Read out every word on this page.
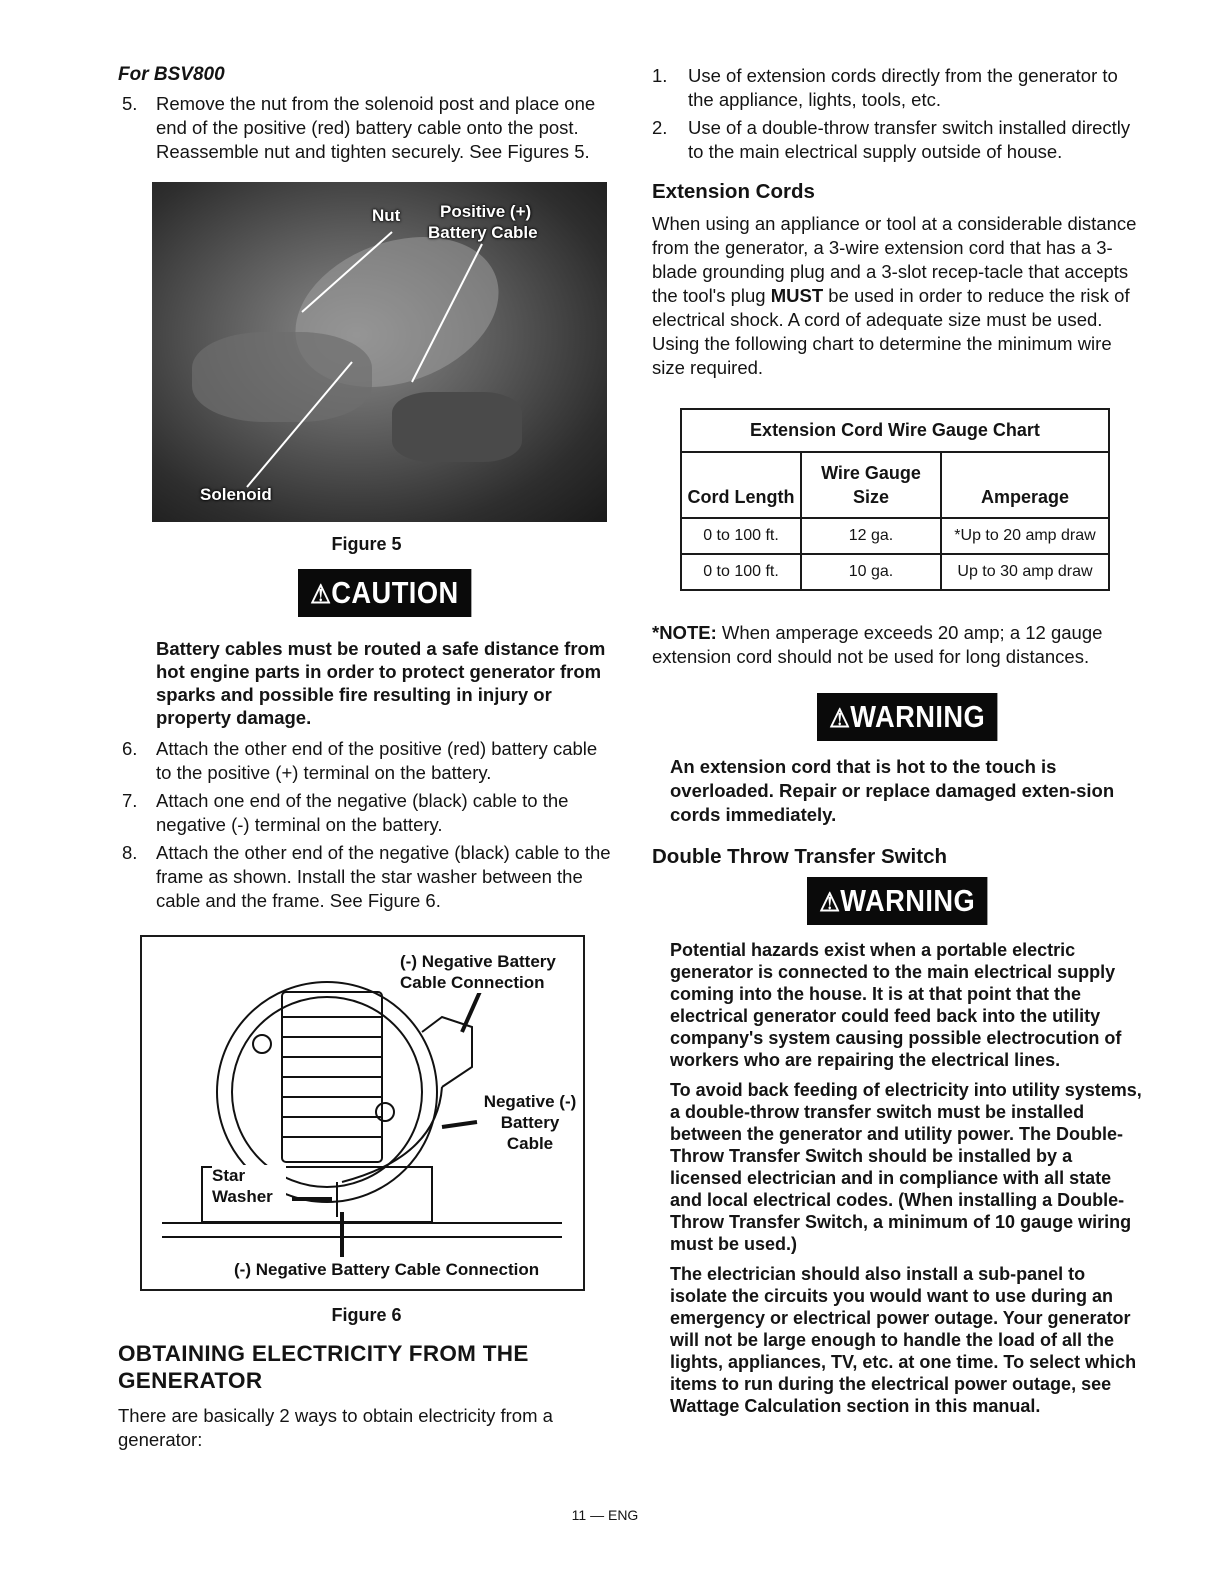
For BSV800

5. Remove the nut from the solenoid post and place one end of the positive (red) battery cable onto the post. Reassemble nut and tighten securely. See Figures 5.
Nut Positive (+)
Battery Cable
Solenoid

Figure 5

⚠CAUTION

Battery cables must be routed a safe distance from hot engine parts in order to protect generator from sparks and possible fire resulting in injury or property damage.

6. Attach the other end of the positive (red) battery cable to the positive (+) terminal on the battery.
7. Attach one end of the negative (black) cable to the negative (-) terminal on the battery.
8. Attach the other end of the negative (black) cable to the frame as shown. Install the star washer between the cable and the frame. See Figure 6.
(-) Negative Battery Cable Connection
Negative (-) Battery Cable
Star Washer
(-) Negative Battery Cable Connection

Figure 6

OBTAINING ELECTRICITY FROM THE GENERATOR

There are basically 2 ways to obtain electricity from a generator:

1. Use of extension cords directly from the generator to the appliance, lights, tools, etc.
2. Use of a double-throw transfer switch installed directly to the main electrical supply outside of house.
Extension Cords

When using an appliance or tool at a considerable distance from the generator, a 3-wire extension cord that has a 3-blade grounding plug and a 3-slot recep-tacle that accepts the tool's plug MUST be used in order to reduce the risk of electrical shock. A cord of adequate size must be used. Using the following chart to determine the minimum wire size required.

Extension Cord Wire Gauge Chart		
Cord Length	Wire Gauge Size	Amperage
0 to 100 ft.	12 ga.	*Up to 20 amp draw
0 to 100 ft.	10 ga.	Up to 30 amp draw

*NOTE: When amperage exceeds 20 amp; a 12 gauge extension cord should not be used for long distances.

⚠WARNING

An extension cord that is hot to the touch is overloaded. Repair or replace damaged exten-sion cords immediately.

Double Throw Transfer Switch
⚠WARNING

Potential hazards exist when a portable electric generator is connected to the main electrical supply coming into the house. It is at that point that the electrical generator could feed back into the utility company's system causing possible electrocution of workers who are repairing the electrical lines.

To avoid back feeding of electricity into utility systems, a double-throw transfer switch must be installed between the generator and utility power. The Double-Throw Transfer Switch should be installed by a licensed electrician and in compliance with all state and local electrical codes. (When installing a Double-Throw Transfer Switch, a minimum of 10 gauge wiring must be used.)

The electrician should also install a sub-panel to isolate the circuits you would want to use during an emergency or electrical power outage. Your generator will not be large enough to handle the load of all the lights, appliances, TV, etc. at one time. To select which items to run during the electrical power outage, see Wattage Calculation section in this manual.

11 — ENG
